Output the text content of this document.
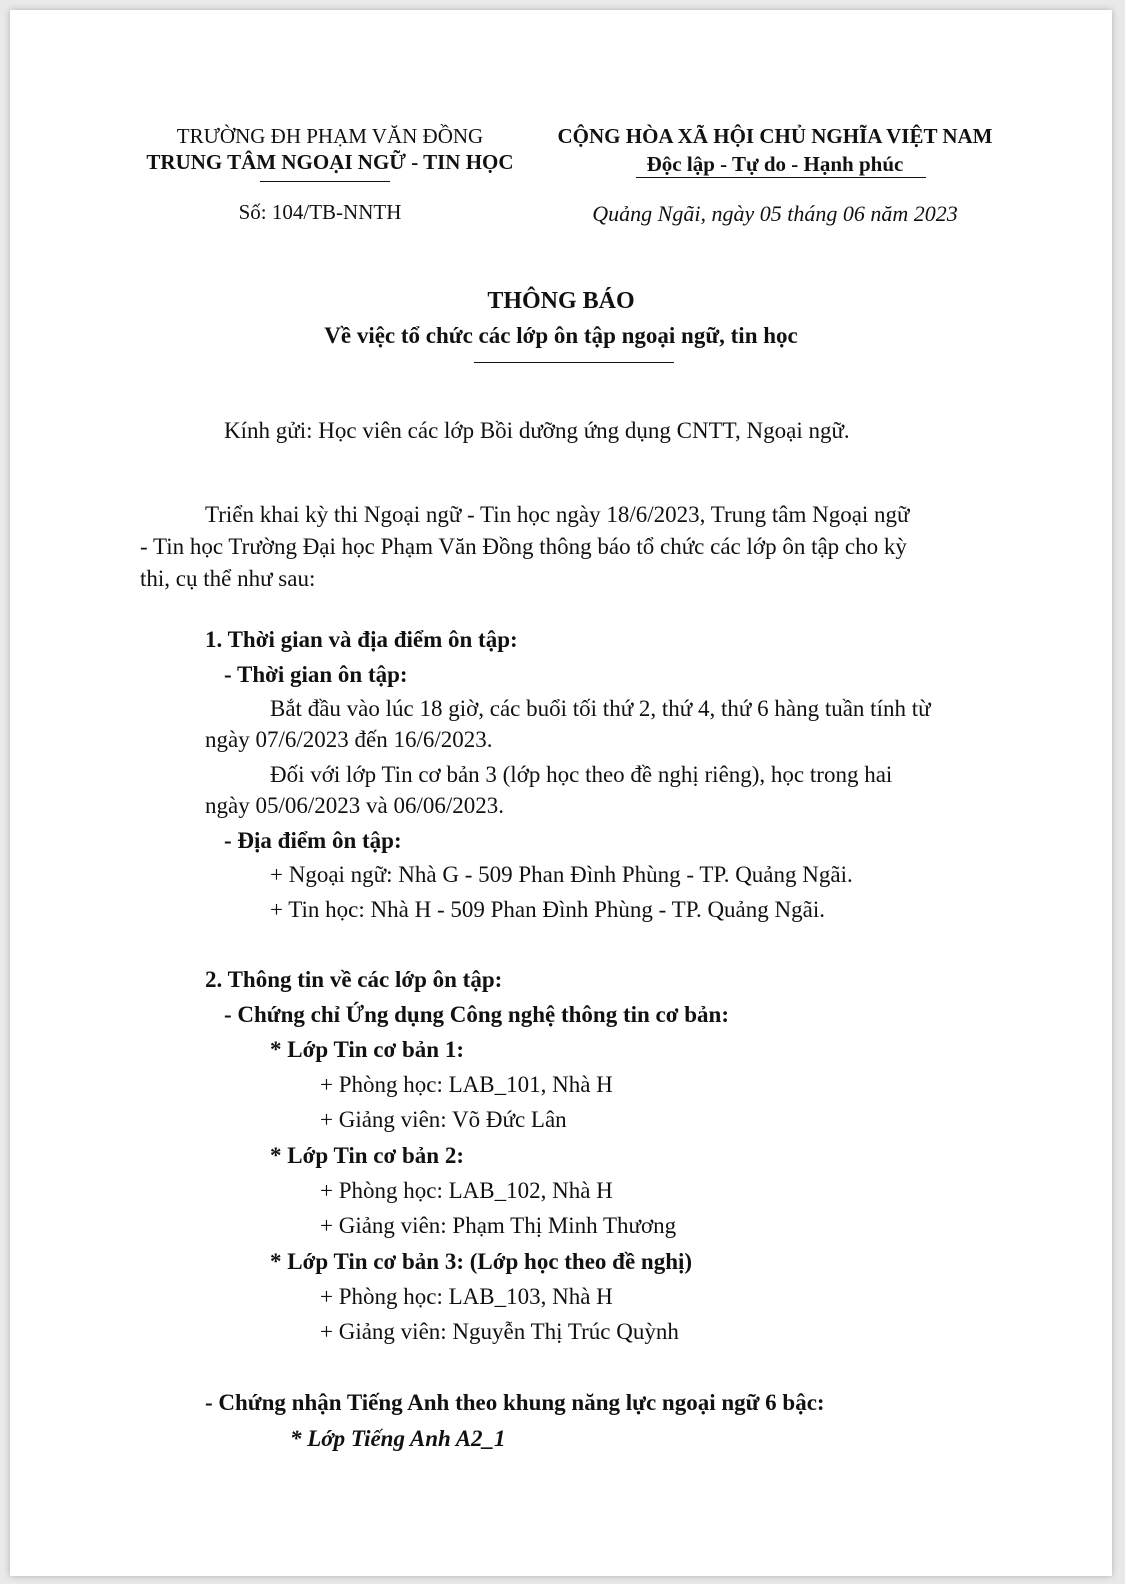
TRƯỜNG ĐH PHẠM VĂN ĐỒNG
TRUNG TÂM NGOẠI NGỮ - TIN HỌC
CỘNG HÒA XÃ HỘI CHỦ NGHĨA VIỆT NAM
Độc lập - Tự do - Hạnh phúc
Số: 104/TB-NNTH	Quảng Ngãi, ngày 05 tháng 06 năm 2023
THÔNG BÁO
Về việc tổ chức các lớp ôn tập ngoại ngữ, tin học
Kính gửi: Học viên các lớp Bồi dưỡng ứng dụng CNTT, Ngoại ngữ.
Triển khai kỳ thi Ngoại ngữ - Tin học ngày 18/6/2023, Trung tâm Ngoại ngữ
- Tin học Trường Đại học Phạm Văn Đồng thông báo tổ chức các lớp ôn tập cho kỳ
thi, cụ thể như sau:
1. Thời gian và địa điểm ôn tập:
- Thời gian ôn tập:
Bắt đầu vào lúc 18 giờ, các buổi tối thứ 2, thứ 4, thứ 6 hàng tuần tính từ
ngày 07/6/2023 đến 16/6/2023.
Đối với lớp Tin cơ bản 3 (lớp học theo đề nghị riêng), học trong hai
ngày 05/06/2023 và 06/06/2023.
- Địa điểm ôn tập:
+ Ngoại ngữ: Nhà G - 509 Phan Đình Phùng - TP. Quảng Ngãi.
+ Tin học: Nhà H - 509 Phan Đình Phùng - TP. Quảng Ngãi.
2. Thông tin về các lớp ôn tập:
- Chứng chỉ Ứng dụng Công nghệ thông tin cơ bản:
* Lớp Tin cơ bản 1:
+ Phòng học: LAB_101, Nhà H
+ Giảng viên: Võ Đức Lân
* Lớp Tin cơ bản 2:
+ Phòng học: LAB_102, Nhà H
+ Giảng viên: Phạm Thị Minh Thương
* Lớp Tin cơ bản 3: (Lớp học theo đề nghị)
+ Phòng học: LAB_103, Nhà H
+ Giảng viên: Nguyễn Thị Trúc Quỳnh
- Chứng nhận Tiếng Anh theo khung năng lực ngoại ngữ 6 bậc:
* Lớp Tiếng Anh A2_1
